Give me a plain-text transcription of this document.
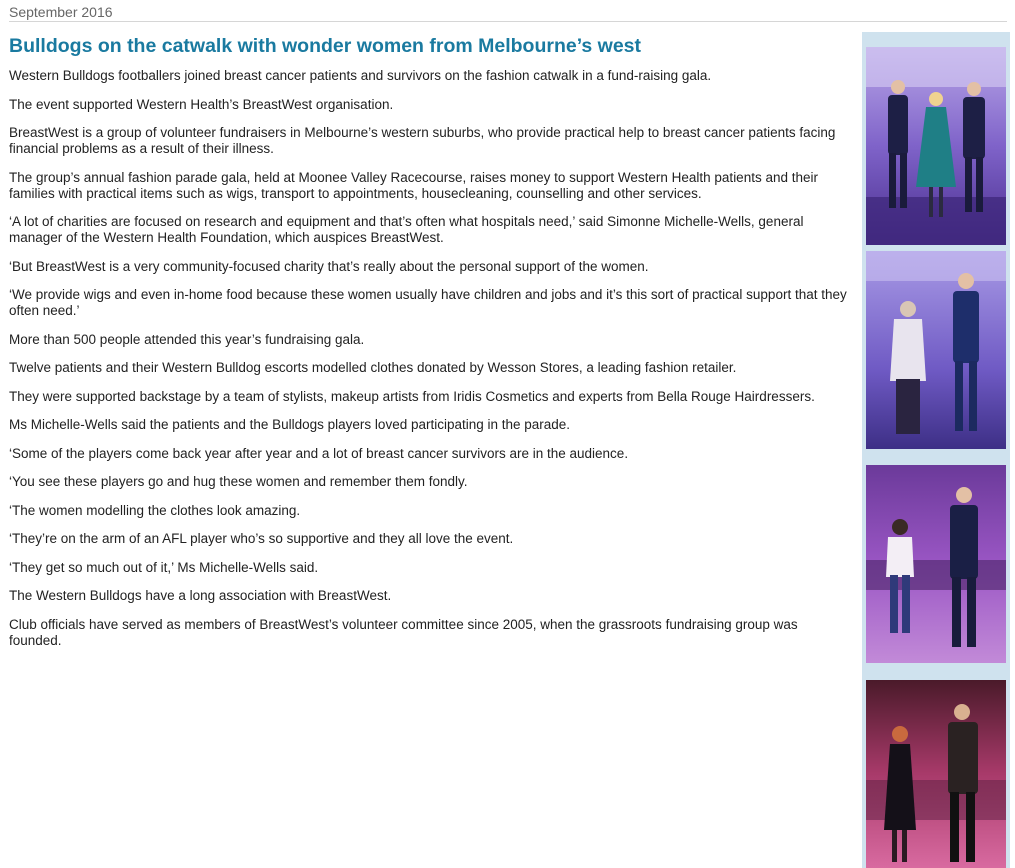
September 2016
Bulldogs on the catwalk with wonder women from Melbourne’s west

Western Bulldogs footballers joined breast cancer patients and survivors on the fashion catwalk in a fund-raising gala.

The event supported Western Health’s BreastWest organisation.

BreastWest is a group of volunteer fundraisers in Melbourne’s western suburbs, who provide practical help to breast cancer patients facing financial problems as a result of their illness.

The group’s annual fashion parade gala, held at Moonee Valley Racecourse, raises money to support Western Health patients and their families with practical items such as wigs, transport to appointments, housecleaning, counselling and other services.

‘A lot of charities are focused on research and equipment and that’s often what hospitals need,’ said Simonne Michelle-Wells, general manager of the Western Health Foundation, which auspices BreastWest.

‘But BreastWest is a very community-focused charity that’s really about the personal support of the women.

‘We provide wigs and even in-home food because these women usually have children and jobs and it’s this sort of practical support that they often need.’

More than 500 people attended this year’s fundraising gala.

Twelve patients and their Western Bulldog escorts modelled clothes donated by Wesson Stores, a leading fashion retailer.

They were supported backstage by a team of stylists, makeup artists from Iridis Cosmetics and experts from Bella Rouge Hairdressers.

Ms Michelle-Wells said the patients and the Bulldogs players loved participating in the parade.

‘Some of the players come back year after year and a lot of breast cancer survivors are in the audience.

‘You see these players go and hug these women and remember them fondly.

‘The women modelling the clothes look amazing.

‘They’re on the arm of an AFL player who’s so supportive and they all love the event.

‘They get so much out of it,’ Ms Michelle-Wells said.

The Western Bulldogs have a long association with BreastWest.

Club officials have served as members of BreastWest’s volunteer committee since 2005, when the grassroots fundraising group was founded.
